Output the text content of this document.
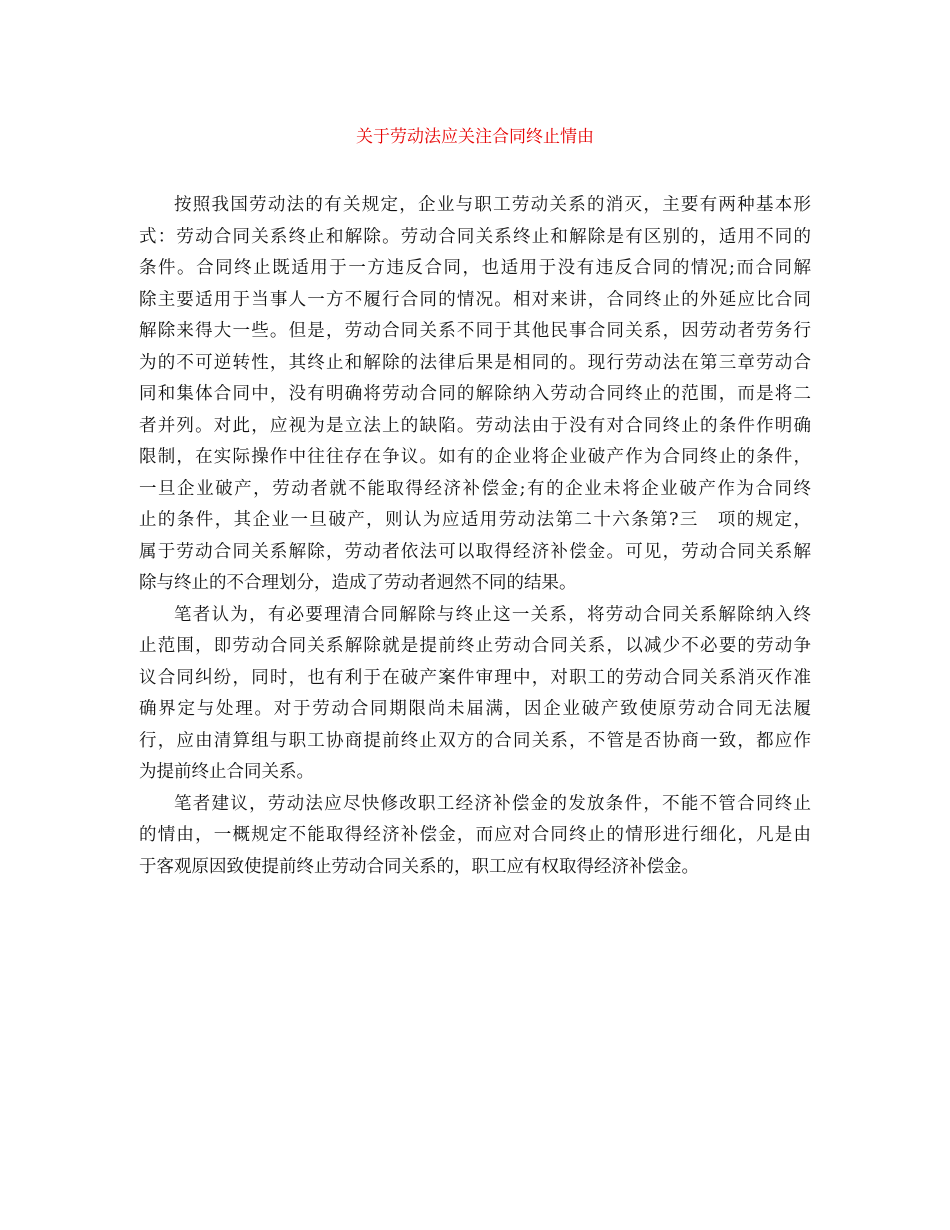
关于劳动法应关注合同终止情由
按照我国劳动法的有关规定，企业与职工劳动关系的消灭，主要有两种基本形
式：劳动合同关系终止和解除。劳动合同关系终止和解除是有区别的，适用不同的
条件。合同终止既适用于一方违反合同，也适用于没有违反合同的情况;而合同解
除主要适用于当事人一方不履行合同的情况。相对来讲，合同终止的外延应比合同
解除来得大一些。但是，劳动合同关系不同于其他民事合同关系，因劳动者劳务行
为的不可逆转性，其终止和解除的法律后果是相同的。现行劳动法在第三章劳动合
同和集体合同中，没有明确将劳动合同的解除纳入劳动合同终止的范围，而是将二
者并列。对此，应视为是立法上的缺陷。劳动法由于没有对合同终止的条件作明确
限制，在实际操作中往往存在争议。如有的企业将企业破产作为合同终止的条件，
一旦企业破产，劳动者就不能取得经济补偿金;有的企业未将企业破产作为合同终
止的条件，其企业一旦破产，则认为应适用劳动法第二十六条第?三　项的规定，
属于劳动合同关系解除，劳动者依法可以取得经济补偿金。可见，劳动合同关系解
除与终止的不合理划分，造成了劳动者迥然不同的结果。
笔者认为，有必要理清合同解除与终止这一关系，将劳动合同关系解除纳入终
止范围，即劳动合同关系解除就是提前终止劳动合同关系，以减少不必要的劳动争
议合同纠纷，同时，也有利于在破产案件审理中，对职工的劳动合同关系消灭作准
确界定与处理。对于劳动合同期限尚未届满，因企业破产致使原劳动合同无法履
行，应由清算组与职工协商提前终止双方的合同关系，不管是否协商一致，都应作
为提前终止合同关系。
笔者建议，劳动法应尽快修改职工经济补偿金的发放条件，不能不管合同终止
的情由，一概规定不能取得经济补偿金，而应对合同终止的情形进行细化，凡是由
于客观原因致使提前终止劳动合同关系的，职工应有权取得经济补偿金。
